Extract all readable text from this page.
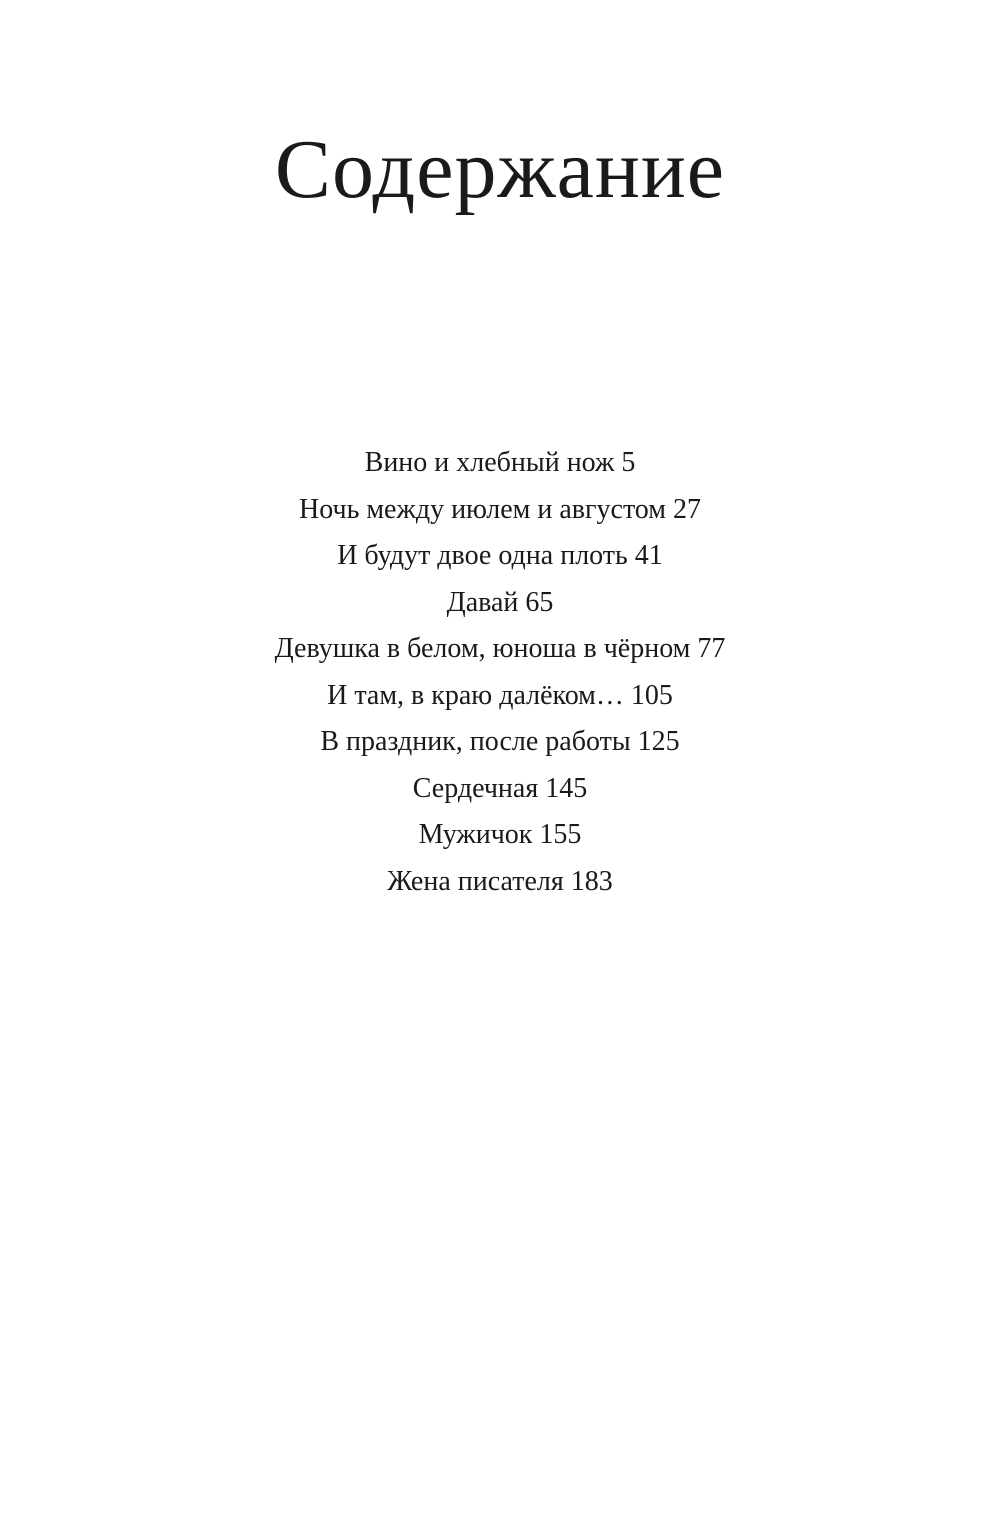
Содержание
Вино и хлебный нож 5
Ночь между июлем и августом 27
И будут двое одна плоть 41
Давай 65
Девушка в белом, юноша в чёрном 77
И там, в краю далёком… 105
В праздник, после работы 125
Сердечная 145
Мужичок 155
Жена писателя 183
